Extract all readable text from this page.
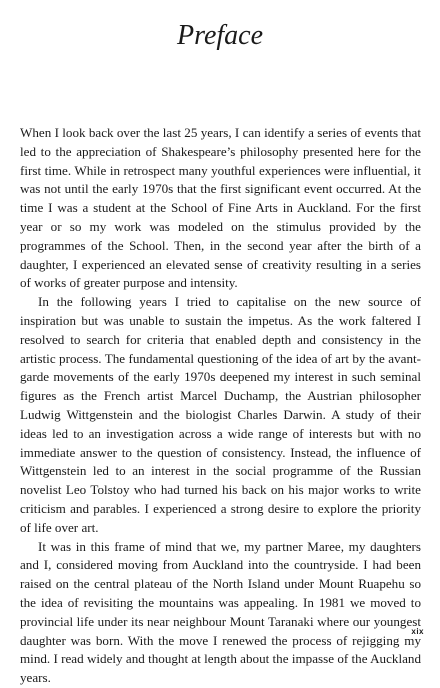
Preface

When I look back over the last 25 years, I can identify a series of events that led to the appreciation of Shakespeare’s philosophy presented here for the first time. While in retrospect many youthful experiences were influential, it was not until the early 1970s that the first significant event occurred. At the time I was a student at the School of Fine Arts in Auckland. For the first year or so my work was modeled on the stimulus provided by the programmes of the School. Then, in the second year after the birth of a daughter, I experienced an elevated sense of creativity resulting in a series of works of greater purpose and intensity.

In the following years I tried to capitalise on the new source of inspiration but was unable to sustain the impetus. As the work faltered I resolved to search for criteria that enabled depth and consistency in the artistic process. The fundamental questioning of the idea of art by the avant-garde movements of the early 1970s deepened my interest in such seminal figures as the French artist Marcel Duchamp, the Austrian philosopher Ludwig Wittgenstein and the biologist Charles Darwin. A study of their ideas led to an investigation across a wide range of interests but with no immediate answer to the question of consistency. Instead, the influence of Wittgenstein led to an interest in the social programme of the Russian novelist Leo Tolstoy who had turned his back on his major works to write criticism and parables. I experienced a strong desire to explore the priority of life over art.

It was in this frame of mind that we, my partner Maree, my daughters and I, considered moving from Auckland into the countryside. I had been raised on the central plateau of the North Island under Mount Ruapehu so the idea of revisiting the mountains was appealing. In 1981 we moved to provincial life under its near neighbour Mount Taranaki where our youngest daughter was born. With the move I renewed the process of rejigging my mind. I read widely and thought at length about the impasse of the Auckland years.

xix
